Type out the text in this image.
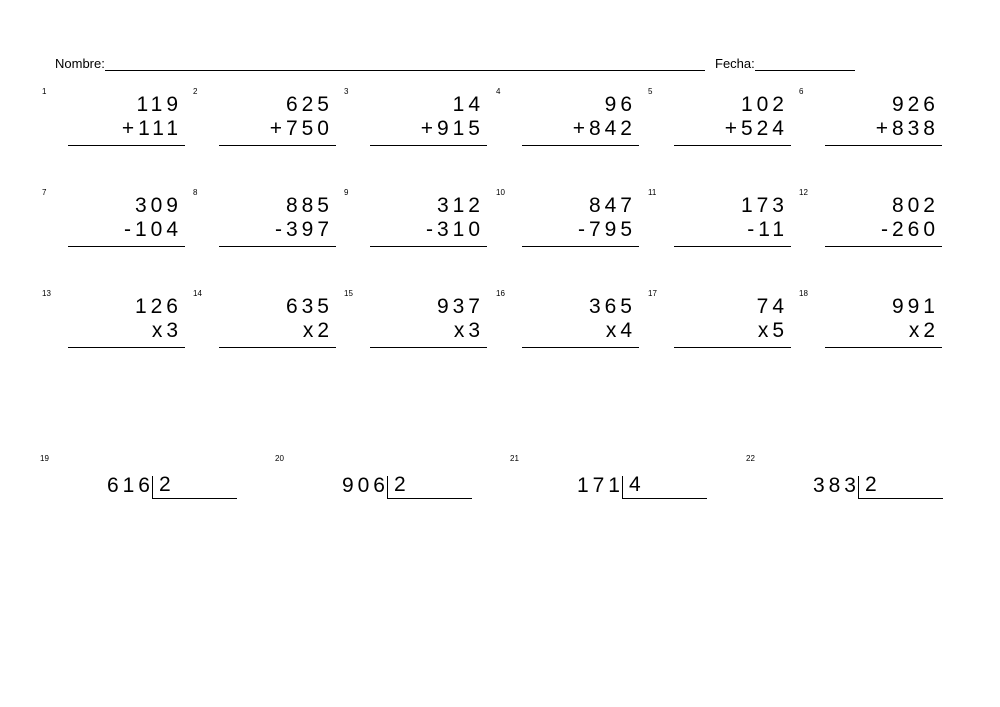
Nombre:	Fecha:
1
119
+111
2
625
+750
3
14
+915
4
96
+842
5
102
+524
6
926
+838
7
309
-104
8
885
-397
9
312
-310
10
847
-795
11
173
-11
12
802
-260
13
126
x3
14
635
x2
15
937
x3
16
365
x4
17
74
x5
18
991
x2
19
616 2
20
906 2
21
171 4
22
383 2
